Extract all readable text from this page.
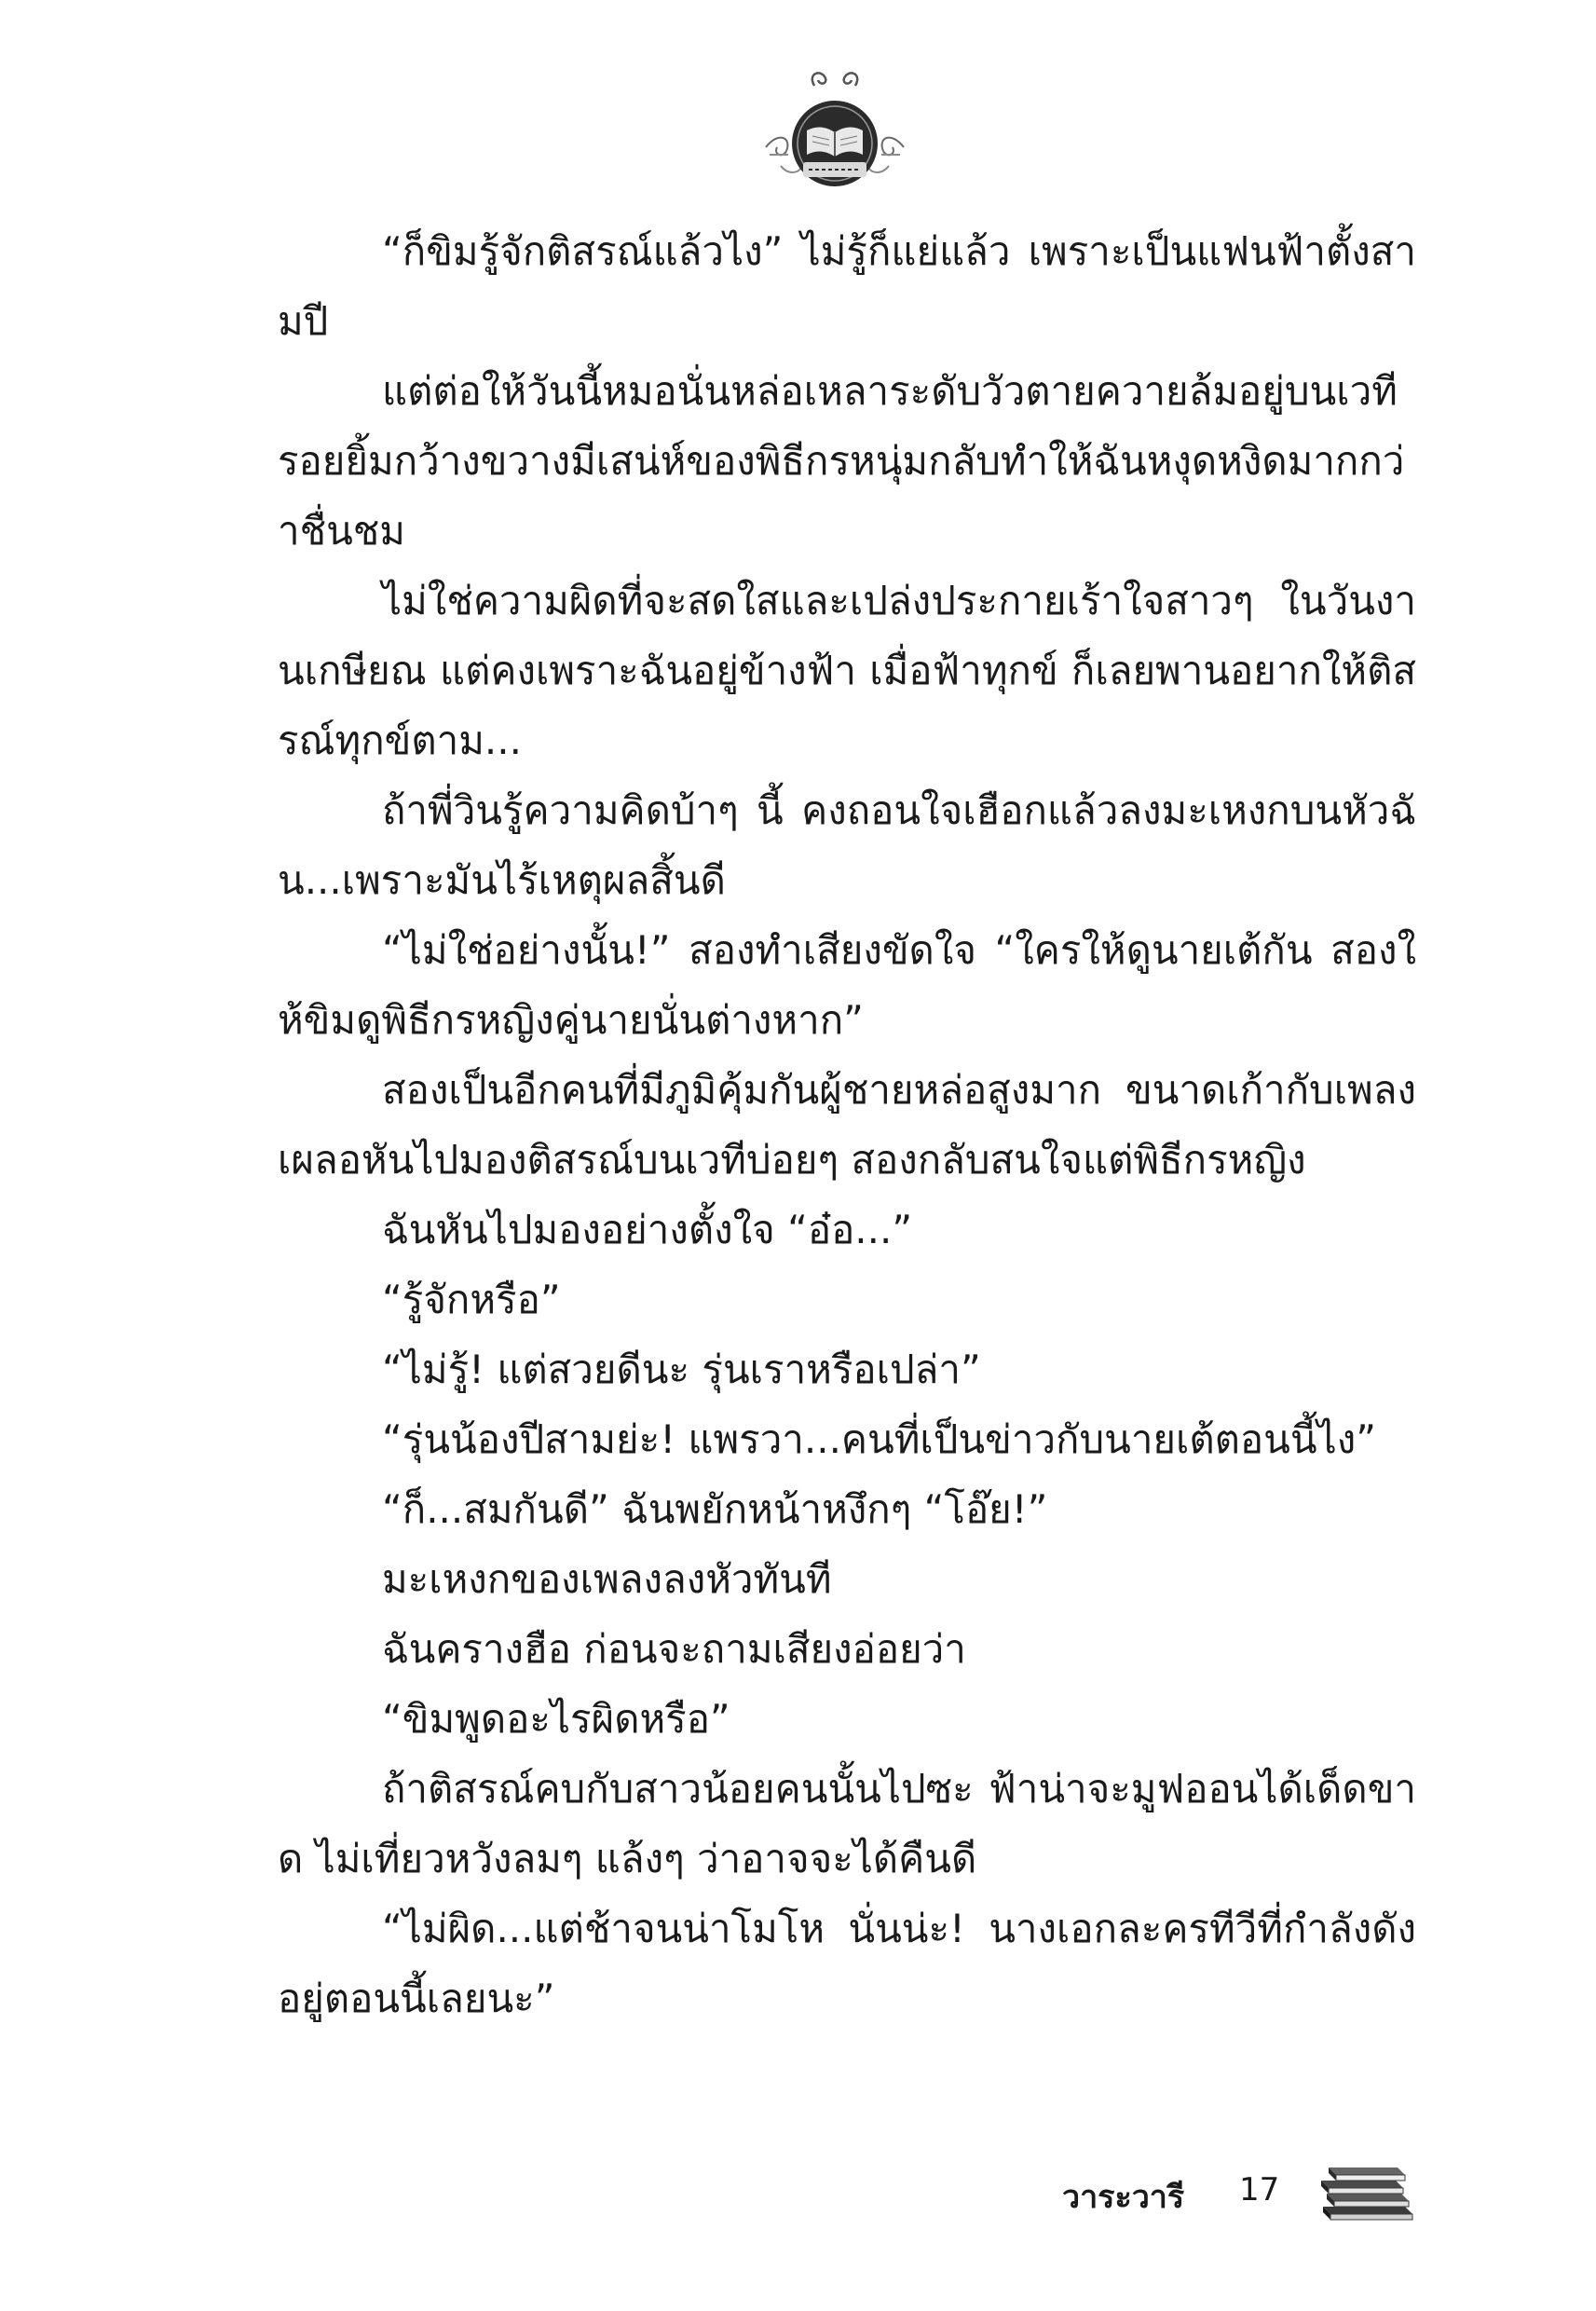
“ก็ขิมรู้จักติสรณ์แล้วไง” ไม่รู้ก็แย่แล้ว เพราะเป็นแฟนฟ้าตั้งสามปี

แต่ต่อให้วันนี้หมอนั่นหล่อเหลาระดับวัวตายควายล้มอยู่บนเวที รอยยิ้มกว้างขวางมีเสน่ห์ของพิธีกรหนุ่มกลับทำให้ฉันหงุดหงิดมากกว่าชื่นชม

ไม่ใช่ความผิดที่จะสดใสและเปล่งประกายเร้าใจสาวๆ ในวันงานเกษียณ แต่คงเพราะฉันอยู่ข้างฟ้า เมื่อฟ้าทุกข์ ก็เลยพานอยากให้ติสรณ์ทุกข์ตาม...

ถ้าพี่วินรู้ความคิดบ้าๆ นี้ คงถอนใจเฮือกแล้วลงมะเหงกบนหัวฉัน...เพราะมันไร้เหตุผลสิ้นดี

“ไม่ใช่อย่างนั้น!” สองทำเสียงขัดใจ “ใครให้ดูนายเต้กัน สองให้ขิมดูพิธีกรหญิงคู่นายนั่นต่างหาก”

สองเป็นอีกคนที่มีภูมิคุ้มกันผู้ชายหล่อสูงมาก ขนาดเก้ากับเพลงเผลอหันไปมองติสรณ์บนเวทีบ่อยๆ สองกลับสนใจแต่พิธีกรหญิง

ฉันหันไปมองอย่างตั้งใจ “อ๋อ...”

“รู้จักหรือ”

“ไม่รู้! แต่สวยดีนะ รุ่นเราหรือเปล่า”

“รุ่นน้องปีสามย่ะ! แพรวา...คนที่เป็นข่าวกับนายเต้ตอนนี้ไง”

“ก็...สมกันดี” ฉันพยักหน้าหงึกๆ “โอ๊ย!”

มะเหงกของเพลงลงหัวทันที

ฉันครางฮือ ก่อนจะถามเสียงอ่อยว่า

“ขิมพูดอะไรผิดหรือ”

ถ้าติสรณ์คบกับสาวน้อยคนนั้นไปซะ ฟ้าน่าจะมูฟออนได้เด็ดขาด ไม่เที่ยวหวังลมๆ แล้งๆ ว่าอาจจะได้คืนดี

“ไม่ผิด...แต่ช้าจนน่าโมโห นั่นน่ะ! นางเอกละครทีวีที่กำลังดังอยู่ตอนนี้เลยนะ”

วาระวารี 17
